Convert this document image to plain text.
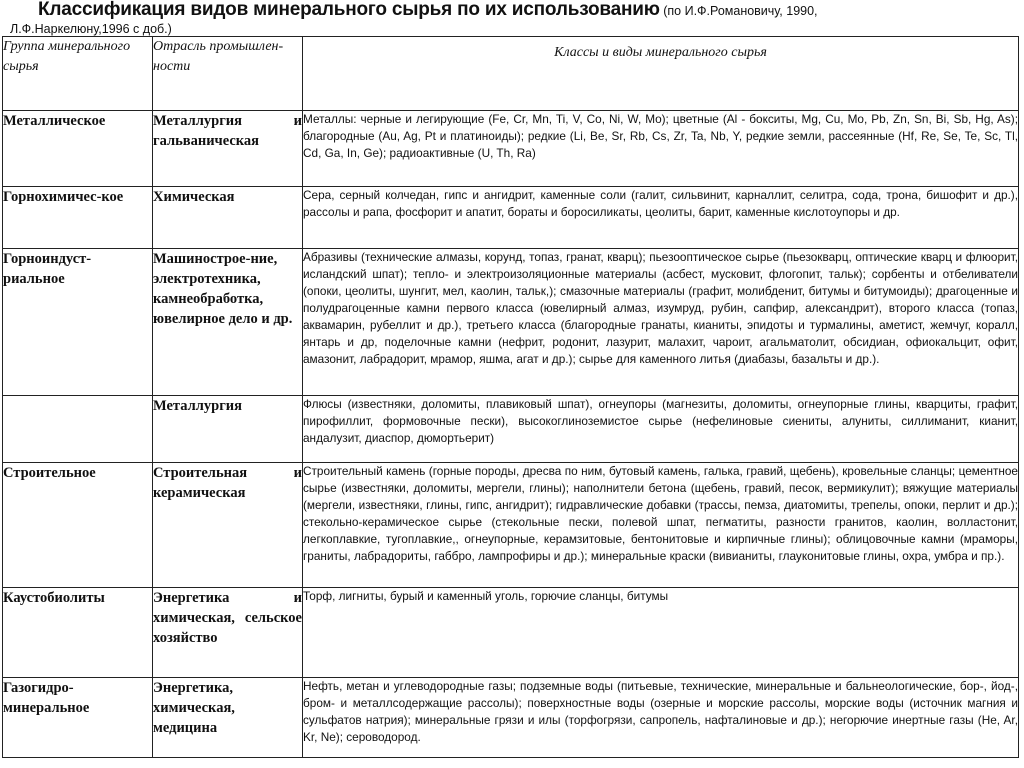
Классификация видов минерального сырья по их использованию (по И.Ф.Романовичу, 1990,
Л.Ф.Наркелюну,1996 с доб.)
Группа минерального сырья	Отрасль промышлен-ности	Классы и виды минерального сырья
Металлическое	Металлургия и гальваническая	Металлы: черные и легирующие (Fe, Cr, Mn, Ti, V, Co, Ni, W, Mo); цветные (Al - бокситы, Mg, Cu, Mo, Pb, Zn, Sn, Bi, Sb, Hg, As); благородные (Au, Ag, Pt и платиноиды); редкие (Li, Be, Sr, Rb, Cs, Zr, Ta, Nb, Y, редкие земли, рассеянные (Hf, Re, Se, Te, Sc, Tl, Cd, Ga, In, Ge); радиоактивные (U, Th, Ra)
Горнохимичес-кое	Химическая	Сера, серный колчедан, гипс и ангидрит, каменные соли (галит, сильвинит, карналлит, селитра, сода, трона, бишофит и др.), рассолы и рапа, фосфорит и апатит, бораты и боросиликаты, цеолиты, барит, каменные кислотоупоры и др.
Горноиндуст-риальное	Машинострое-ние, электротехника, камнеобработка, ювелирное дело и др.	Абразивы (технические алмазы, корунд, топаз, гранат, кварц); пьезооптическое сырье (пьезокварц, оптические кварц и флюорит, исландский шпат); тепло- и электроизоляционные материалы (асбест, мусковит, флогопит, тальк); сорбенты и отбеливатели (опоки, цеолиты, шунгит, мел, каолин, тальк,); смазочные материалы (графит, молибденит, битумы и битумоиды); драгоценные и полудрагоценные камни первого класса (ювелирный алмаз, изумруд, рубин, сапфир, александрит), второго класса (топаз, аквамарин, рубеллит и др.), третьего класса (благородные гранаты, киaниты, эпидоты и турмалины, аметист, жемчуг, коралл, янтарь и др, поделочные камни (нефрит, родонит, лазурит, малахит, чароит, агальматолит, обсидиан, офиокальцит, офит, амазонит, лабрадорит, мрамор, яшма, агат и др.); сырье для каменного литья (диабазы, базальты и др.).
	Металлургия	Флюсы (известняки, доломиты, плавиковый шпат), огнеупоры (магнезиты, доломиты, огнеупорные глины, кварциты, графит, пирофиллит, формовочные пески), высокоглиноземистое сырье (нефелиновые сиениты, алуниты, силлиманит, кианит, андалузит, диаспор, дюмортьерит)
Строительное	Строительная и керамическая	Строительный камень (горные породы, дресва по ним, бутовый камень, галька, гравий, щебень), кровельные сланцы; цементное сырье (известняки, доломиты, мергели, глины); наполнители бетона (щебень, гравий, песок, вермикулит); вяжущие материалы (мергели, известняки, глины, гипс, ангидрит); гидравлические добавки (трассы, пемза, диатомиты, трепелы, опоки, перлит и др.); стекольно-керамическое сырье (стекольные пески, полевой шпат, пегматиты, разности гранитов, каолин, волластонит, легкоплавкие, тугоплавкие,, огнеупорные, керамзитовые, бентонитовые и кирпичные глины); облицовочные камни (мраморы, граниты, лабрадориты, габбро, лампрофиры и др.); минеральные краски (вивианиты, глауконитовые глины, охра, умбра и пр.).
Каустобиолиты	Энергетика и химическая, сельское хозяйство	Торф, лигниты, бурый и каменный уголь, горючие сланцы, битумы
Газогидро-минеральное	Энергетика, химическая, медицина	Нефть, метан и углеводородные газы; подземные воды (питьевые, технические, минеральные и бальнеологические, бор-, йод-, бром- и металлсодержащие рассолы); поверхностные воды (озерные и морские рассолы, морские воды (источник магния и сульфатов натрия); минеральные грязи и илы (торфогрязи, сапропель, нафталиновые и др.); негорючие инертные газы (He, Ar, Kr, Ne); сероводород.
